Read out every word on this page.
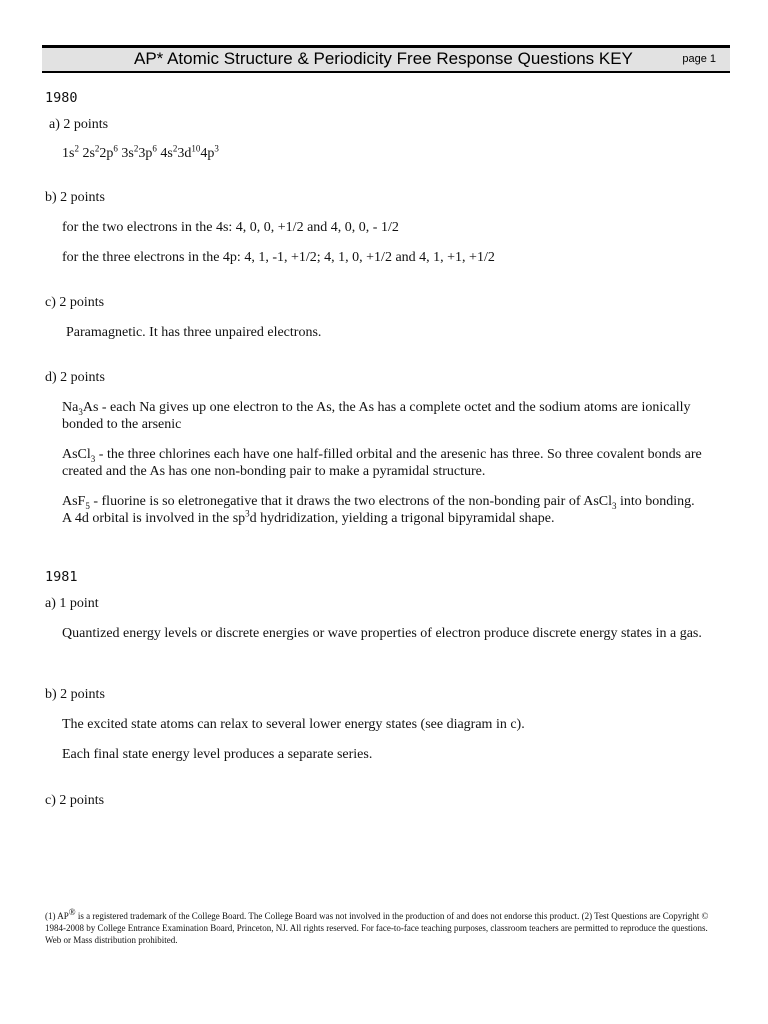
AP* Atomic Structure & Periodicity Free Response Questions KEY	page 1
1980
a) 2 points
$1s^2$ $2s^22p^6$ $3s^23p^6$ $4s^23d^{10}4p^3$
b) 2 points
for the two electrons in the 4s: 4, 0, 0, +1/2 and 4, 0, 0, - 1/2
for the three electrons in the 4p: 4, 1, -1, +1/2; 4, 1, 0, +1/2 and 4, 1, +1, +1/2
c) 2 points
Paramagnetic. It has three unpaired electrons.
d) 2 points
$Na_3As$ - each Na gives up one electron to the As, the As has a complete octet and the sodium atoms are ionically bonded to the arsenic
AsCl$_3$ - the three chlorines each have one half-filled orbital and the aresenic has three. So three covalent bonds are created and the As has one non-bonding pair to make a pyramidal structure.
AsF$_5$ - fluorine is so eletronegative that it draws the two electrons of the non-bonding pair of AsCl$_3$ into bonding. A 4d orbital is involved in the $sp^3d$ hydridization, yielding a trigonal bipyramidal shape.
1981
a) 1 point
Quantized energy levels or discrete energies or wave properties of electron produce discrete energy states in a gas.
b) 2 points
The excited state atoms can relax to several lower energy states (see diagram in c).
Each final state energy level produces a separate series.
c) 2 points
(1) AP® is a registered trademark of the College Board. The College Board was not involved in the production of and does not endorse this product. (2) Test Questions are Copyright © 1984-2008 by College Entrance Examination Board, Princeton, NJ. All rights reserved. For face-to-face teaching purposes, classroom teachers are permitted to reproduce the questions. Web or Mass distribution prohibited.
